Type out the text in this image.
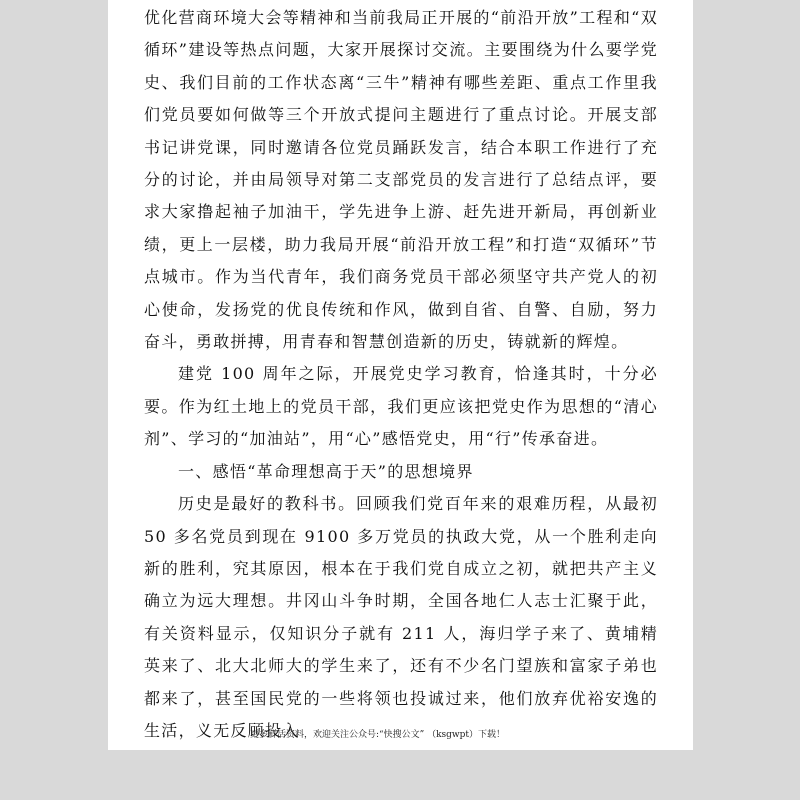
优化营商环境大会等精神和当前我局正开展的“前沿开放”工程和“双循环”建设等热点问题，大家开展探讨交流。主要围绕为什么要学党史、我们目前的工作状态离“三牛”精神有哪些差距、重点工作里我们党员要如何做等三个开放式提问主题进行了重点讨论。开展支部书记讲党课，同时邀请各位党员踊跃发言，结合本职工作进行了充分的讨论，并由局领导对第二支部党员的发言进行了总结点评，要求大家撸起袖子加油干，学先进争上游、赶先进开新局，再创新业绩，更上一层楼，助力我局开展“前沿开放工程”和打造“双循环”节点城市。作为当代青年，我们商务党员干部必须坚守共产党人的初心使命，发扬党的优良传统和作风，做到自省、自警、自励，努力奋斗，勇敢拼搏，用青春和智慧创造新的历史，铸就新的辉煌。

建党 100 周年之际，开展党史学习教育，恰逢其时，十分必要。作为红土地上的党员干部，我们更应该把党史作为思想的“清心剂”、学习的“加油站”，用“心”感悟党史，用“行”传承奋进。

一、感悟“革命理想高于天”的思想境界

历史是最好的教科书。回顾我们党百年来的艰难历程，从最初 50 多名党员到现在 9100 多万党员的执政大党，从一个胜利走向新的胜利，究其原因，根本在于我们党自成立之初，就把共产主义确立为远大理想。井冈山斗争时期，全国各地仁人志士汇聚于此，有关资料显示，仅知识分子就有 211 人，海归学子来了、黄埔精英来了、北大北师大的学生来了，还有不少名门望族和富家子弟也都来了，甚至国民党的一些将领也投诚过来，他们放弃优裕安逸的生活，义无反顾投入

更多鲜活资料，欢迎关注公众号:“快搜公文” （ksgwpt）下载！
